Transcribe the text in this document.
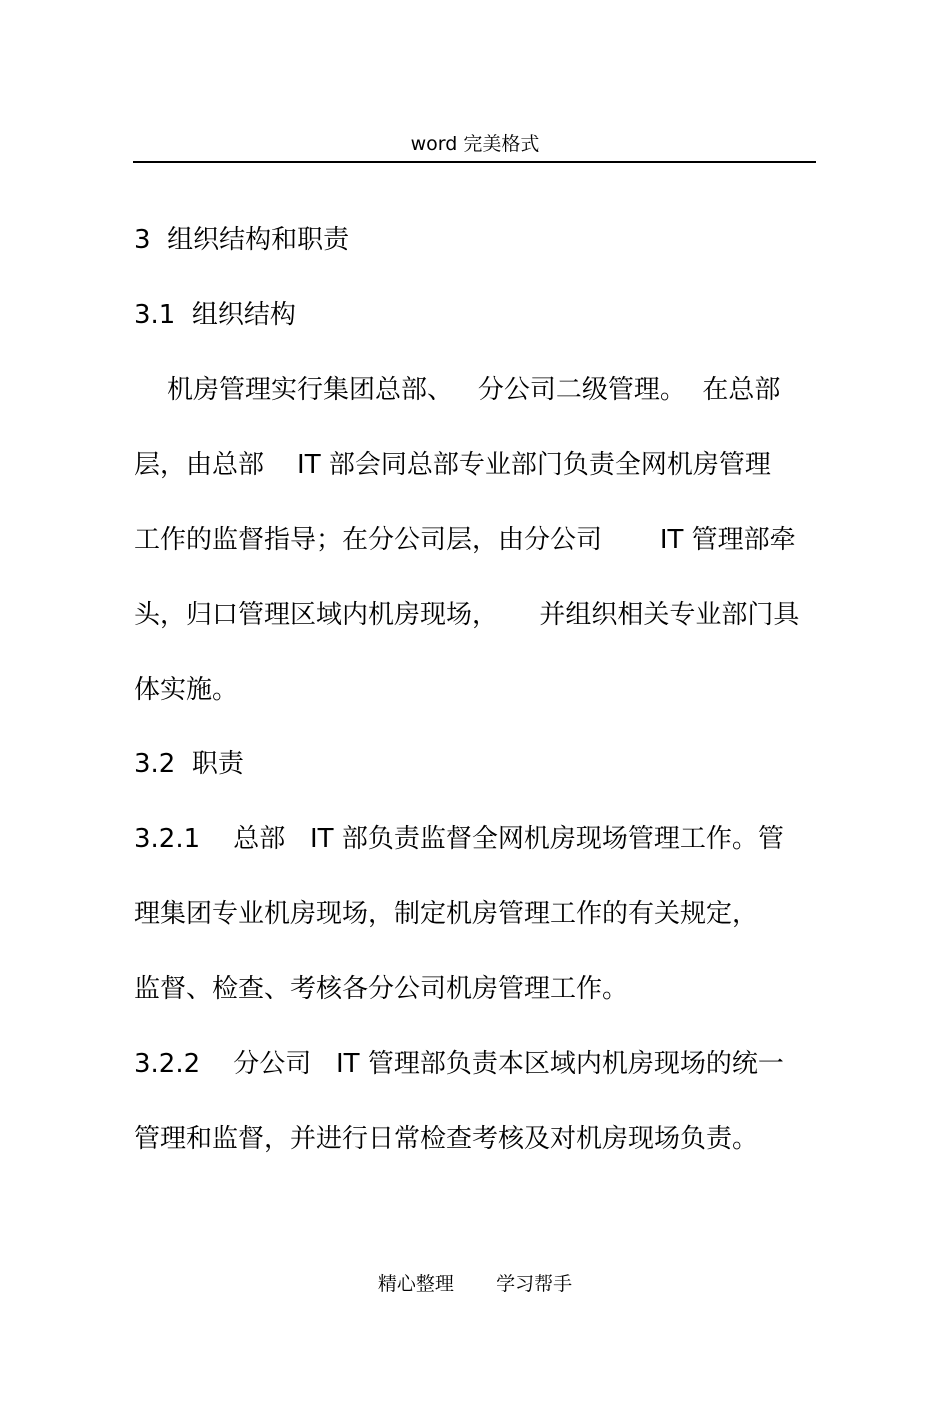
word 完美格式
3  组织结构和职责
3.1  组织结构
机房管理实行集团总部、   分公司二级管理。  在总部
层，由总部    IT 部会同总部专业部门负责全网机房管理
工作的监督指导；在分公司层，由分公司       IT 管理部牵
头，归口管理区域内机房现场，     并组织相关专业部门具
体实施。
3.2  职责
3.2.1    总部   IT 部负责监督全网机房现场管理工作。管
理集团专业机房现场，制定机房管理工作的有关规定，
监督、检查、考核各分公司机房管理工作。
3.2.2    分公司   IT 管理部负责本区域内机房现场的统一
管理和监督，并进行日常检查考核及对机房现场负责。
精心整理       学习帮手
